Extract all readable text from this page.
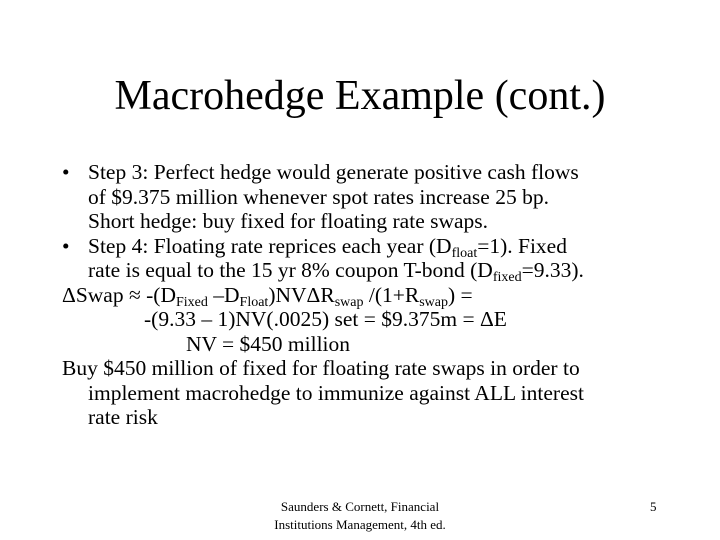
Macrohedge Example (cont.)
• Step 3: Perfect hedge would generate positive cash flows
of $9.375 million whenever spot rates increase 25 bp.
Short hedge: buy fixed for floating rate swaps.
• Step 4: Floating rate reprices each year $(D_{float}=1)$. Fixed
rate is equal to the 15 yr 8% coupon T-bond $(D_{fixed}=9.33)$.
ΔSwap ≈ $-(D_{Fixed}$ $-D_{Float})NV\Delta R_{swap}$ $/(1+R_{swap})$ =
-(9.33 – 1)NV(.0025) set = $9.375m = ΔE
NV = $450 million
Buy $450 million of fixed for floating rate swaps in order to
implement macrohedge to immunize against ALL interest
rate risk
Saunders & Cornett, Financial
Institutions Management, 4th ed.
5
